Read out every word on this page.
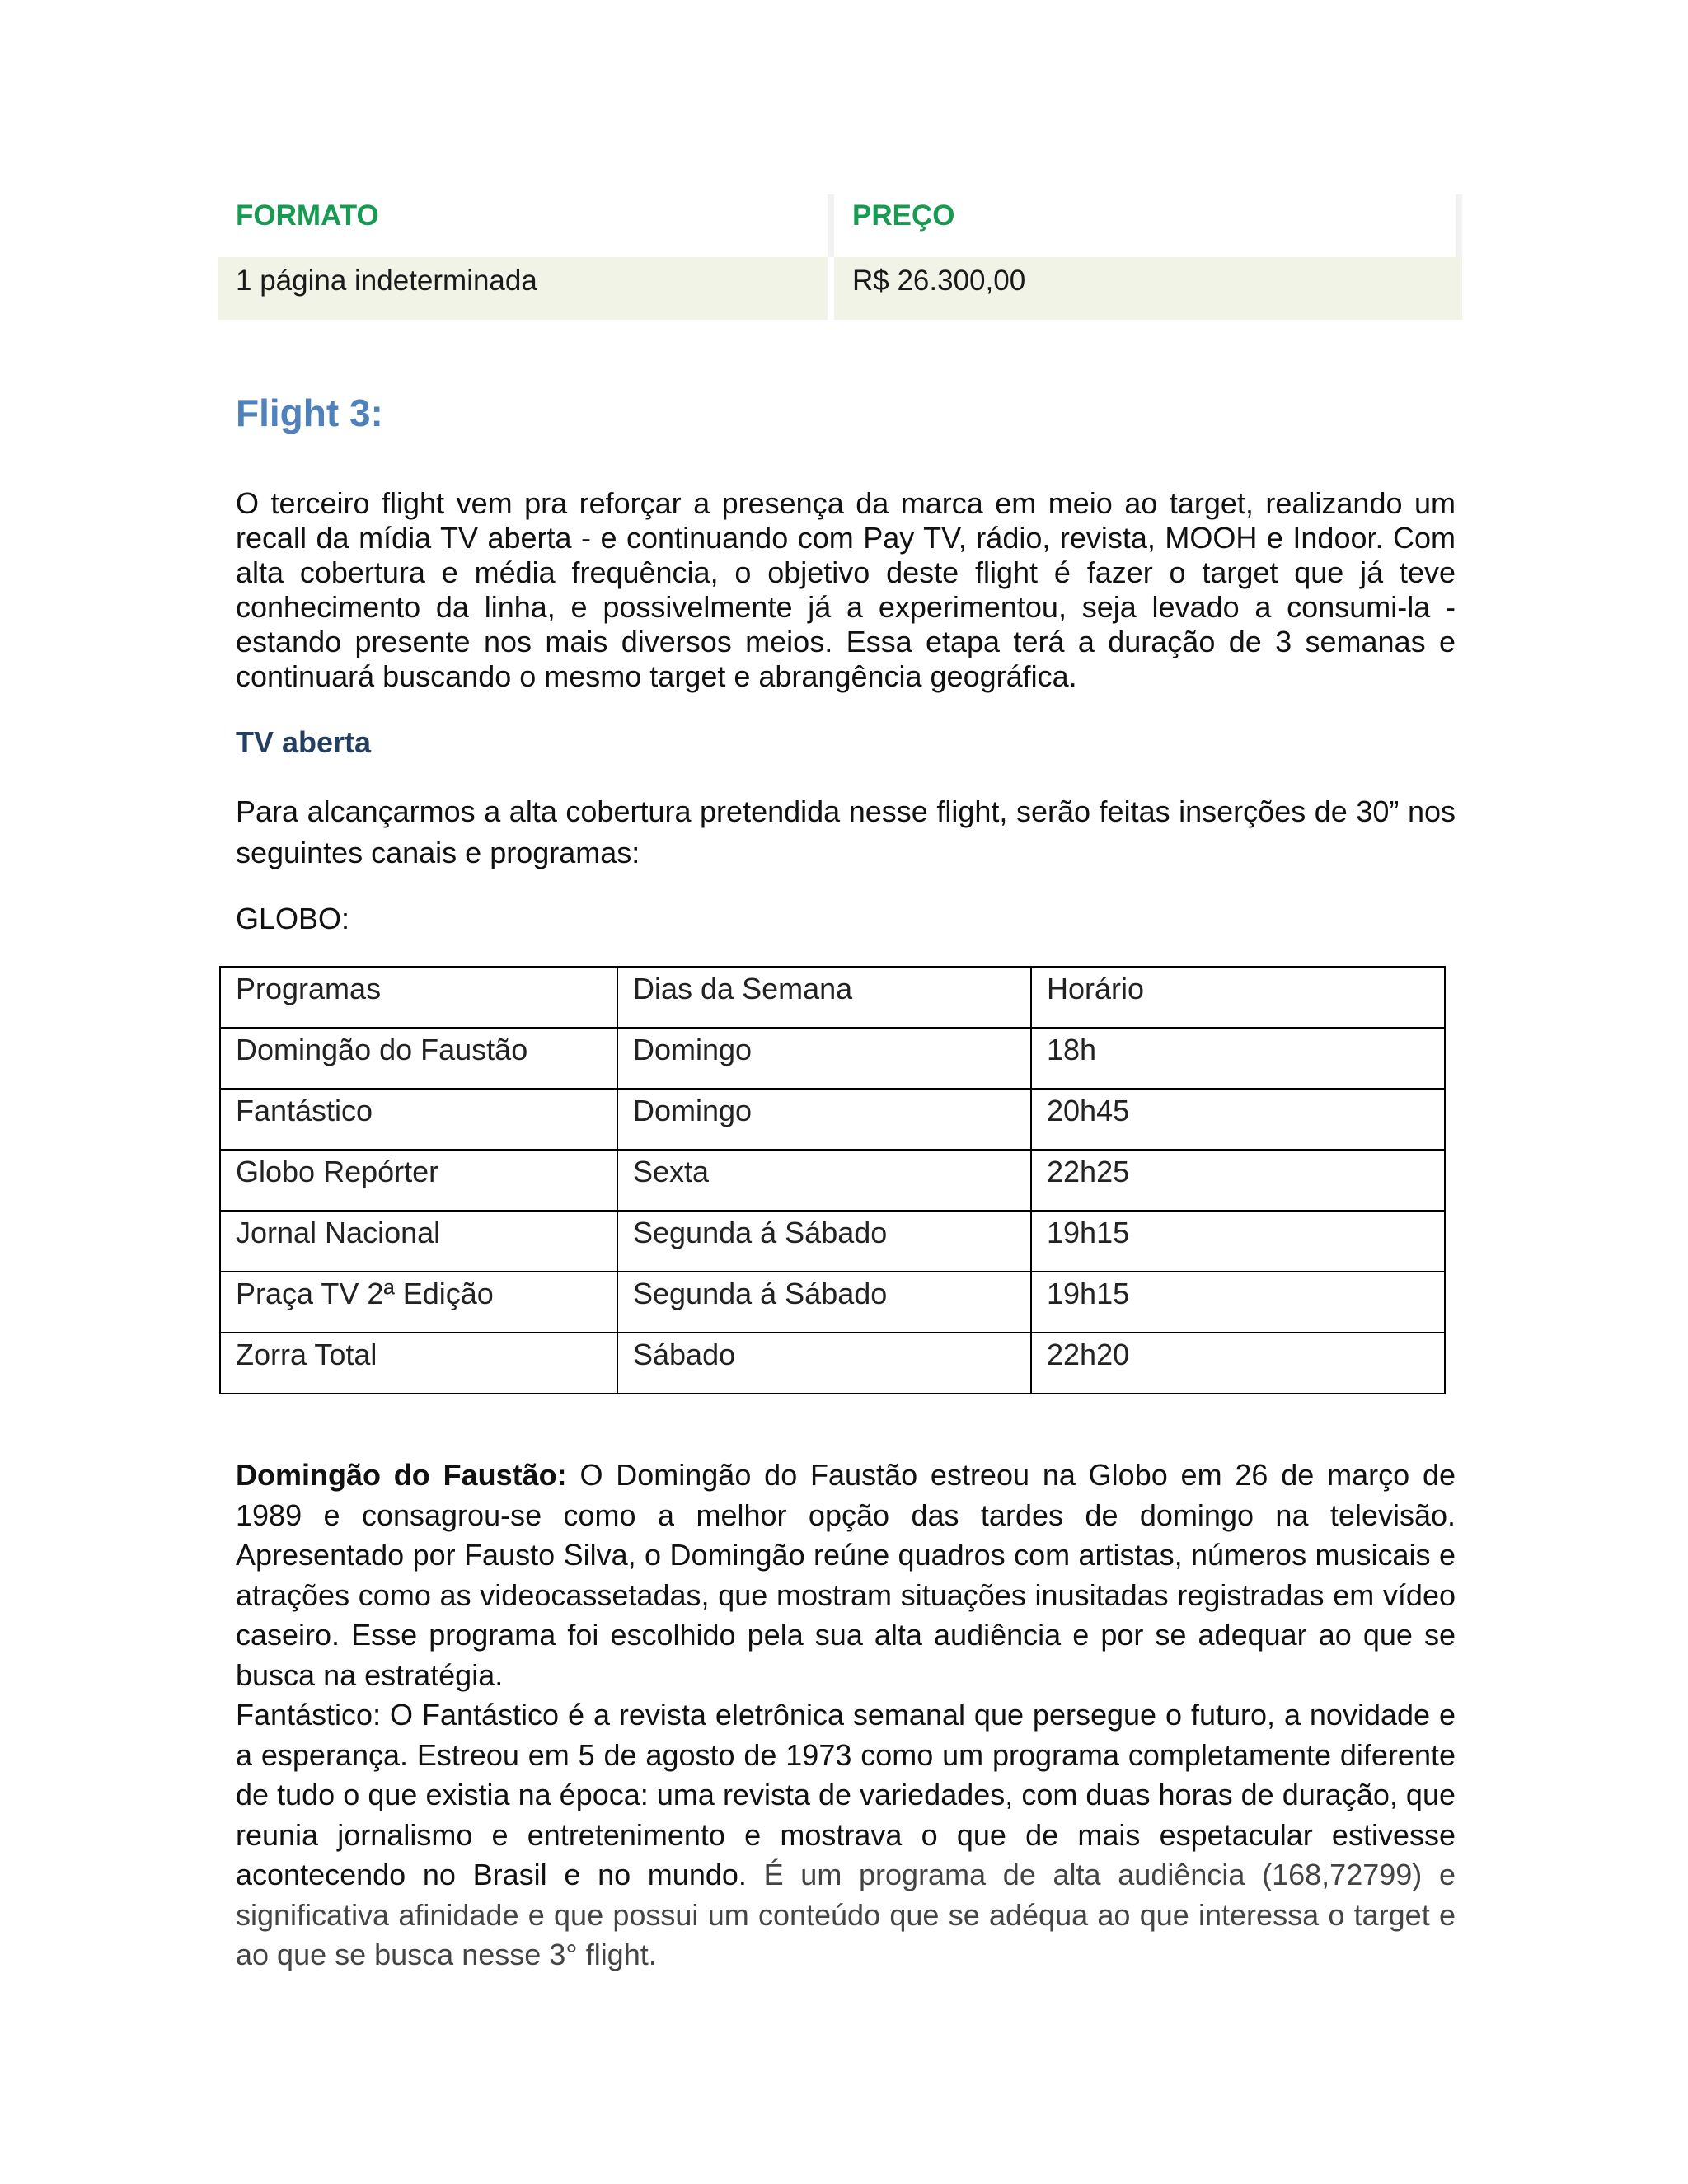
FORMATO	PREÇO
1 página indeterminada	R$ 26.300,00
Flight 3:

O terceiro flight vem pra reforçar a presença da marca em meio ao target, realizando um recall da mídia TV aberta - e continuando com Pay TV, rádio, revista, MOOH e Indoor. Com alta cobertura e média frequência, o objetivo deste flight é fazer o target que já teve conhecimento da linha, e possivelmente já a experimentou, seja levado a consumi-la - estando presente nos mais diversos meios. Essa etapa terá a duração de 3 semanas e continuará buscando o mesmo target e abrangência geográfica.

TV aberta

Para alcançarmos a alta cobertura pretendida nesse flight, serão feitas inserções de 30” nos seguintes canais e programas:

GLOBO:

Programas	Dias da Semana	Horário

Domingão do Faustão	Domingo	18h

Fantástico	Domingo	20h45

Globo Repórter	Sexta	22h25

Jornal Nacional	Segunda á Sábado	19h15

Praça TV 2ª Edição	Segunda á Sábado	19h15

Zorra Total	Sábado	22h20

Domingão do Faustão: O Domingão do Faustão estreou na Globo em 26 de março de 1989 e consagrou-se como a melhor opção das tardes de domingo na televisão. Apresentado por Fausto Silva, o Domingão reúne quadros com artistas, números musicais e atrações como as videocassetadas, que mostram situações inusitadas registradas em vídeo caseiro. Esse programa foi escolhido pela sua alta audiência e por se adequar ao que se busca na estratégia.

Fantástico: O Fantástico é a revista eletrônica semanal que persegue o futuro, a novidade e a esperança. Estreou em 5 de agosto de 1973 como um programa completamente diferente de tudo o que existia na época: uma revista de variedades, com duas horas de duração, que reunia jornalismo e entretenimento e mostrava o que de mais espetacular estivesse acontecendo no Brasil e no mundo. É um programa de alta audiência (168,72799) e significativa afinidade e que possui um conteúdo que se adéqua ao que interessa o target e ao que se busca nesse 3° flight.
